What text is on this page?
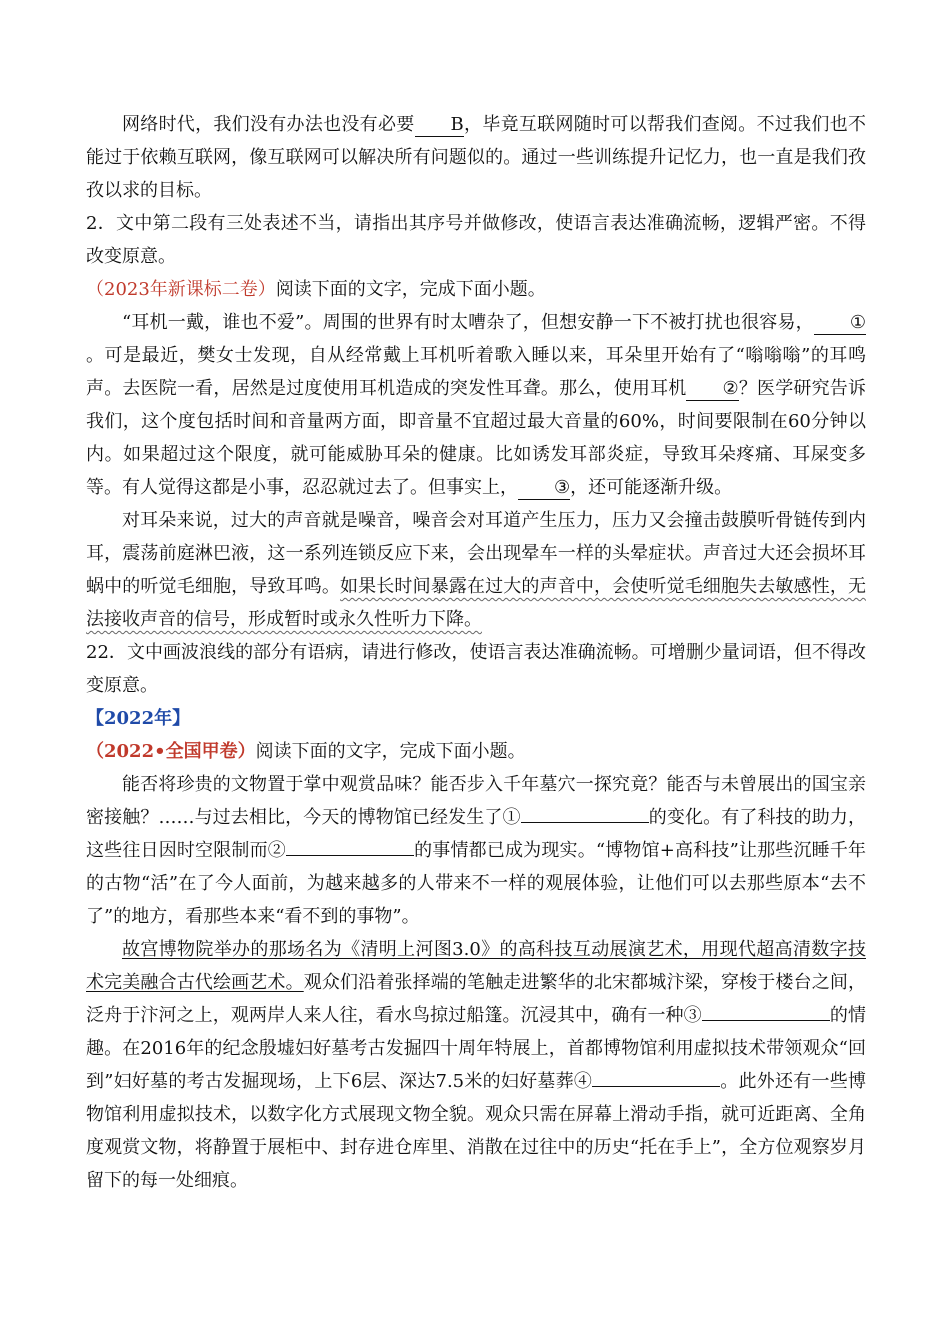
网络时代，我们没有办法也没有必要 B，毕竟互联网随时可以帮我们查阅。不过我们也不能过于依赖互联网，像互联网可以解决所有问题似的。通过一些训练提升记忆力，也一直是我们孜孜以求的目标。

2．文中第二段有三处表述不当，请指出其序号并做修改，使语言表达准确流畅，逻辑严密。不得改变原意。

（2023年新课标二卷）阅读下面的文字，完成下面小题。

“耳机一戴，谁也不爱”。周围的世界有时太嘈杂了，但想安静一下不被打扰也很容易， ①。可是最近，樊女士发现，自从经常戴上耳机听着歌入睡以来，耳朵里开始有了“嗡嗡嗡”的耳鸣声。去医院一看，居然是过度使用耳机造成的突发性耳聋。那么，使用耳机 ②？医学研究告诉我们，这个度包括时间和音量两方面，即音量不宜超过最大音量的60%，时间要限制在60分钟以内。如果超过这个限度，就可能威胁耳朵的健康。比如诱发耳部炎症，导致耳朵疼痛、耳屎变多等。有人觉得这都是小事，忍忍就过去了。但事实上， ③，还可能逐渐升级。

对耳朵来说，过大的声音就是噪音，噪音会对耳道产生压力，压力又会撞击鼓膜听骨链传到内耳，震荡前庭淋巴液，这一系列连锁反应下来，会出现晕车一样的头晕症状。声音过大还会损坏耳蜗中的听觉毛细胞，导致耳鸣。如果长时间暴露在过大的声音中，会使听觉毛细胞失去敏感性，无法接收声音的信号，形成暂时或永久性听力下降。

22．文中画波浪线的部分有语病，请进行修改，使语言表达准确流畅。可增删少量词语，但不得改变原意。

【2022年】

（2022•全国甲卷）阅读下面的文字，完成下面小题。

能否将珍贵的文物置于掌中观赏品味？能否步入千年墓穴一探究竟？能否与未曾展出的国宝亲密接触？……与过去相比，今天的博物馆已经发生了①	的变化。有了科技的助力，这些往日因时空限制而②	的事情都已成为现实。“博物馆+高科技”让那些沉睡千年的古物“活”在了今人面前，为越来越多的人带来不一样的观展体验，让他们可以去那些原本“去不了”的地方，看那些本来“看不到的事物”。

故宫博物院举办的那场名为《清明上河图3.0》的高科技互动展演艺术，用现代超高清数字技术完美融合古代绘画艺术。观众们沿着张择端的笔触走进繁华的北宋都城汴梁，穿梭于楼台之间，泛舟于汴河之上，观两岸人来人往，看水鸟掠过船篷。沉浸其中，确有一种③	的情趣。在2016年的纪念殷墟妇好墓考古发掘四十周年特展上，首都博物馆利用虚拟技术带领观众“回到”妇好墓的考古发掘现场，上下6层、深达7.5米的妇好墓葬④	。此外还有一些博物馆利用虚拟技术，以数字化方式展现文物全貌。观众只需在屏幕上滑动手指，就可近距离、全角度观赏文物，将静置于展柜中、封存进仓库里、消散在过往中的历史“托在手上”，全方位观察岁月留下的每一处细痕。
